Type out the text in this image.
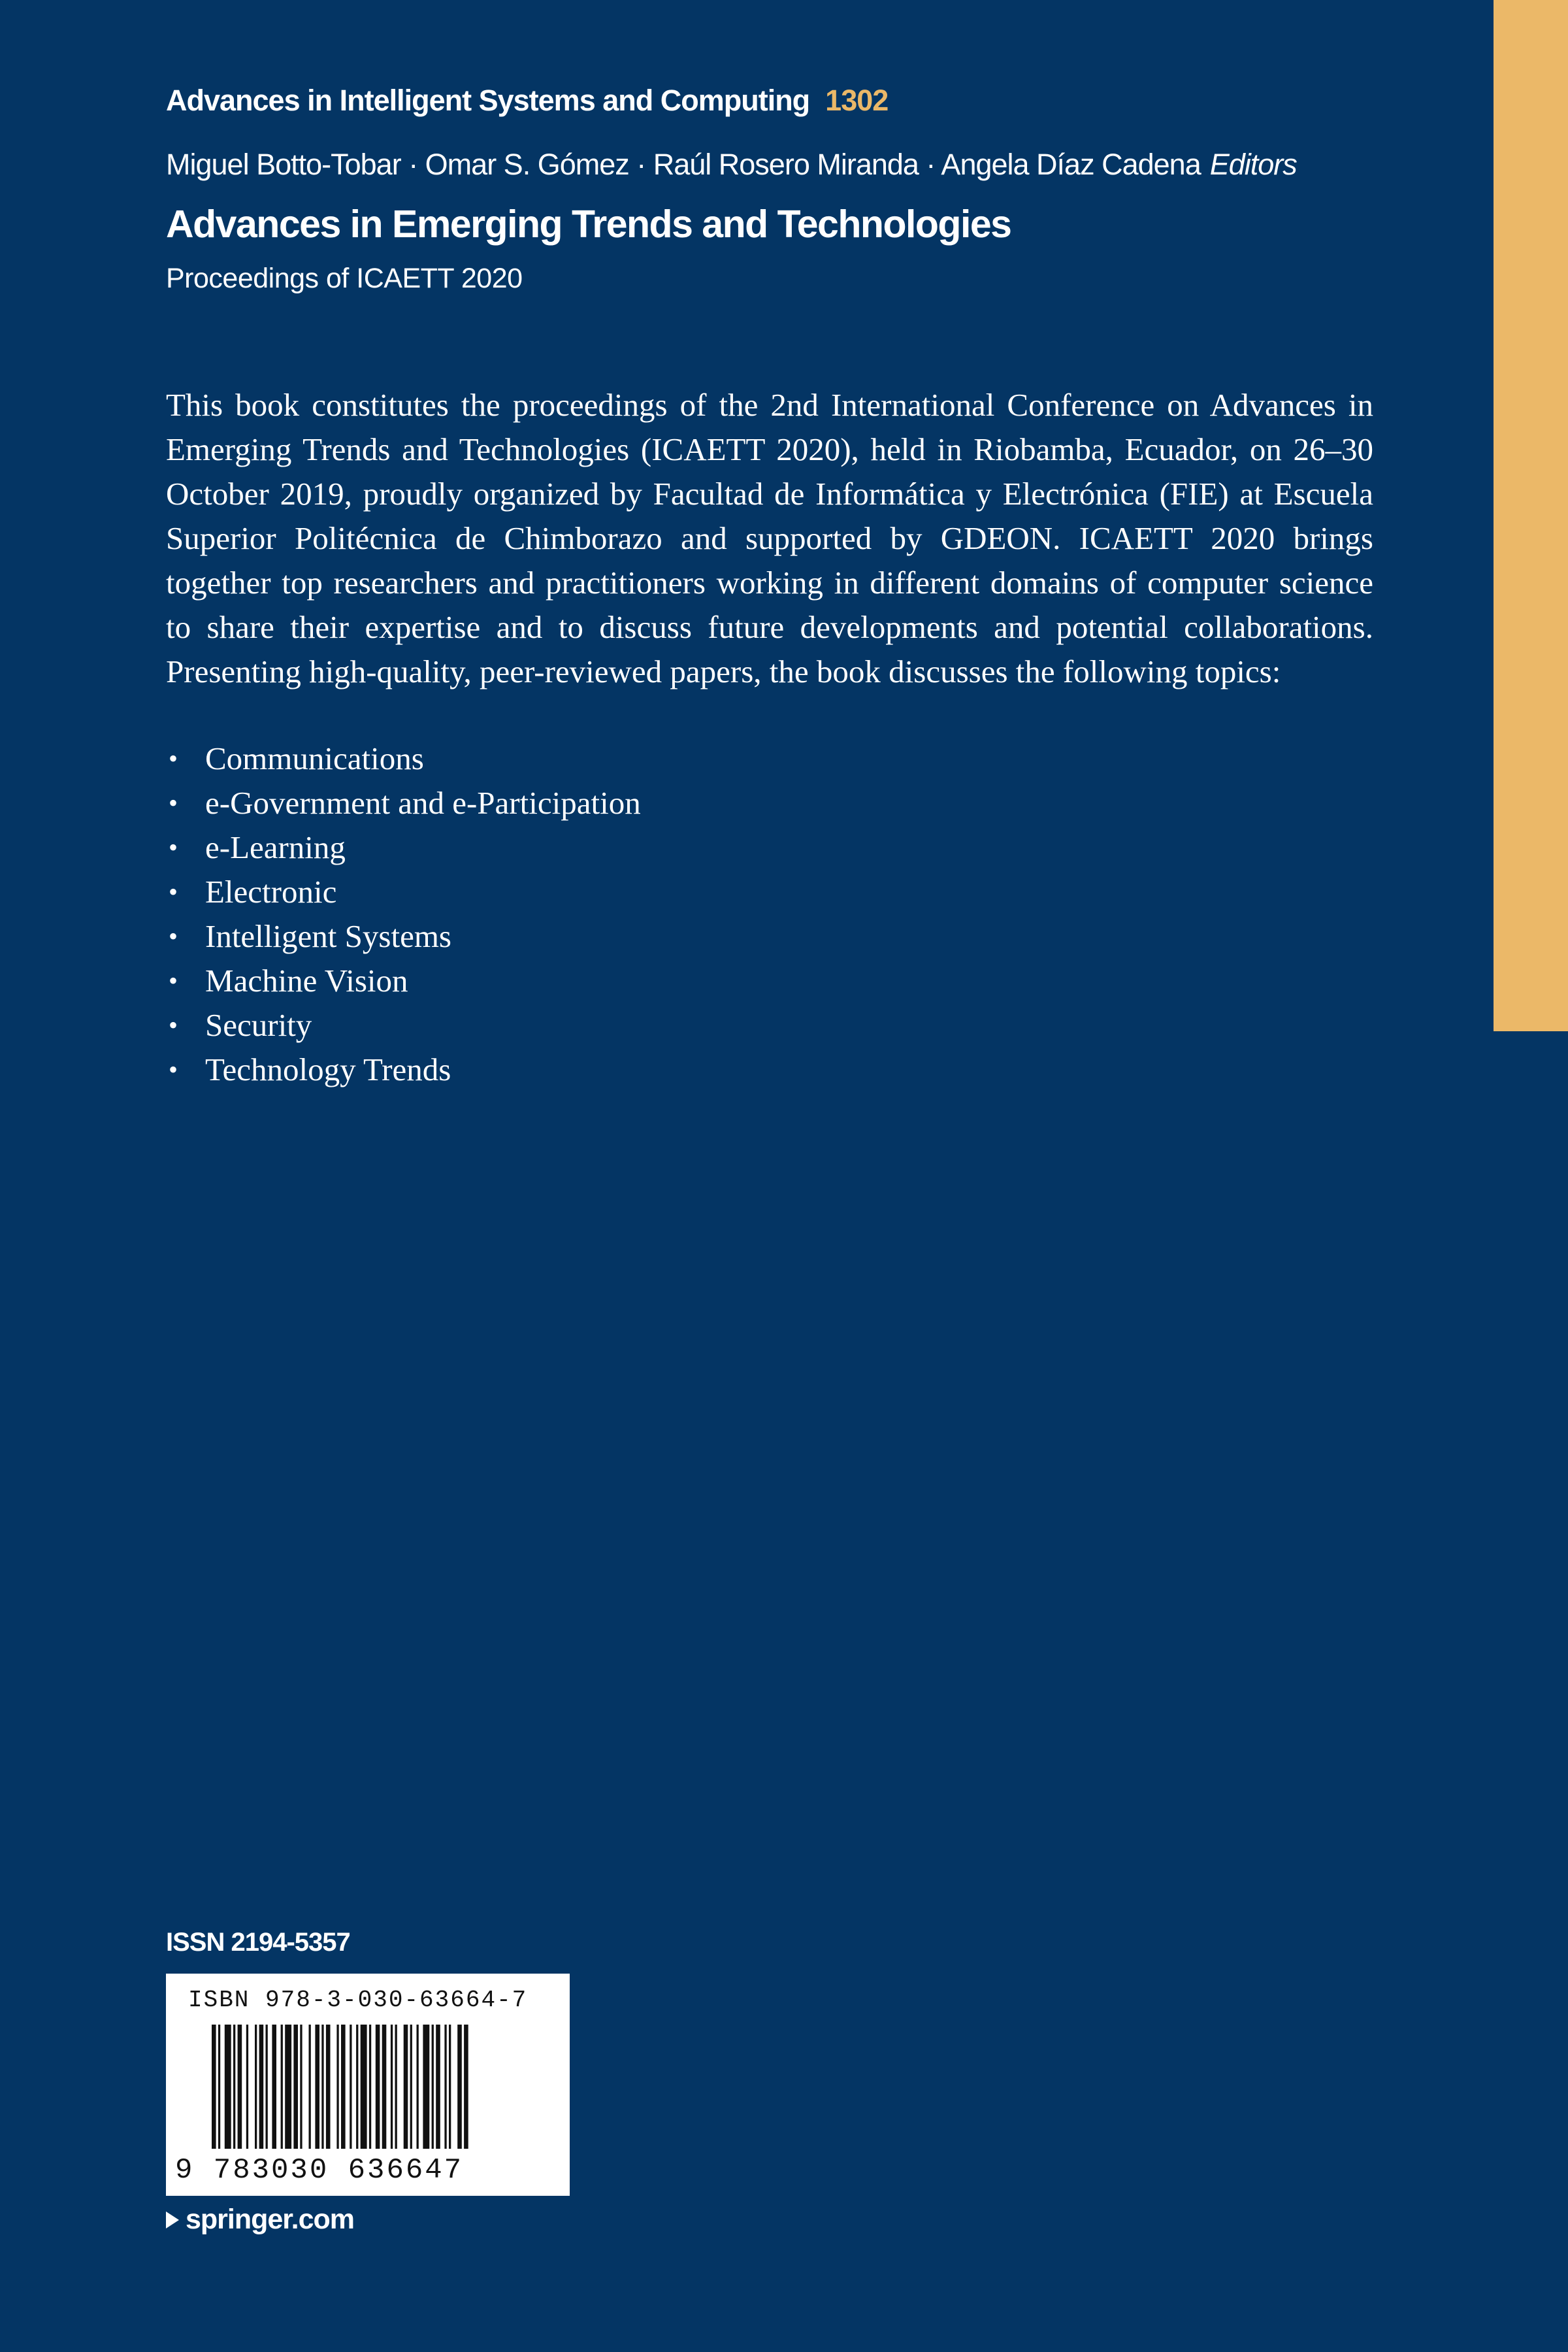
Advances in Intelligent Systems and Computing 1302
Miguel Botto-Tobar · Omar S. Gómez · Raúl Rosero Miranda · Angela Díaz Cadena Editors
Advances in Emerging Trends and Technologies
Proceedings of ICAETT 2020

This book constitutes the proceedings of the 2nd International Conference on Advances in Emerging Trends and Technologies (ICAETT 2020), held in Riobamba, Ecuador, on 26–30 October 2019, proudly organized by Facultad de Informática y Electrónica (FIE) at Escuela Superior Politécnica de Chimborazo and supported by GDEON. ICAETT 2020 brings together top researchers and practitioners working in different domains of computer science to share their expertise and to discuss future developments and potential collaborations. Presenting high-quality, peer-reviewed papers, the book discusses the following topics:

• Communications
• e-Government and e-Participation
• e-Learning
• Electronic
• Intelligent Systems
• Machine Vision
• Security
• Technology Trends
ISSN 2194-5357
ISBN 978-3-030-63664-7
9 783030 636647
springer.com
